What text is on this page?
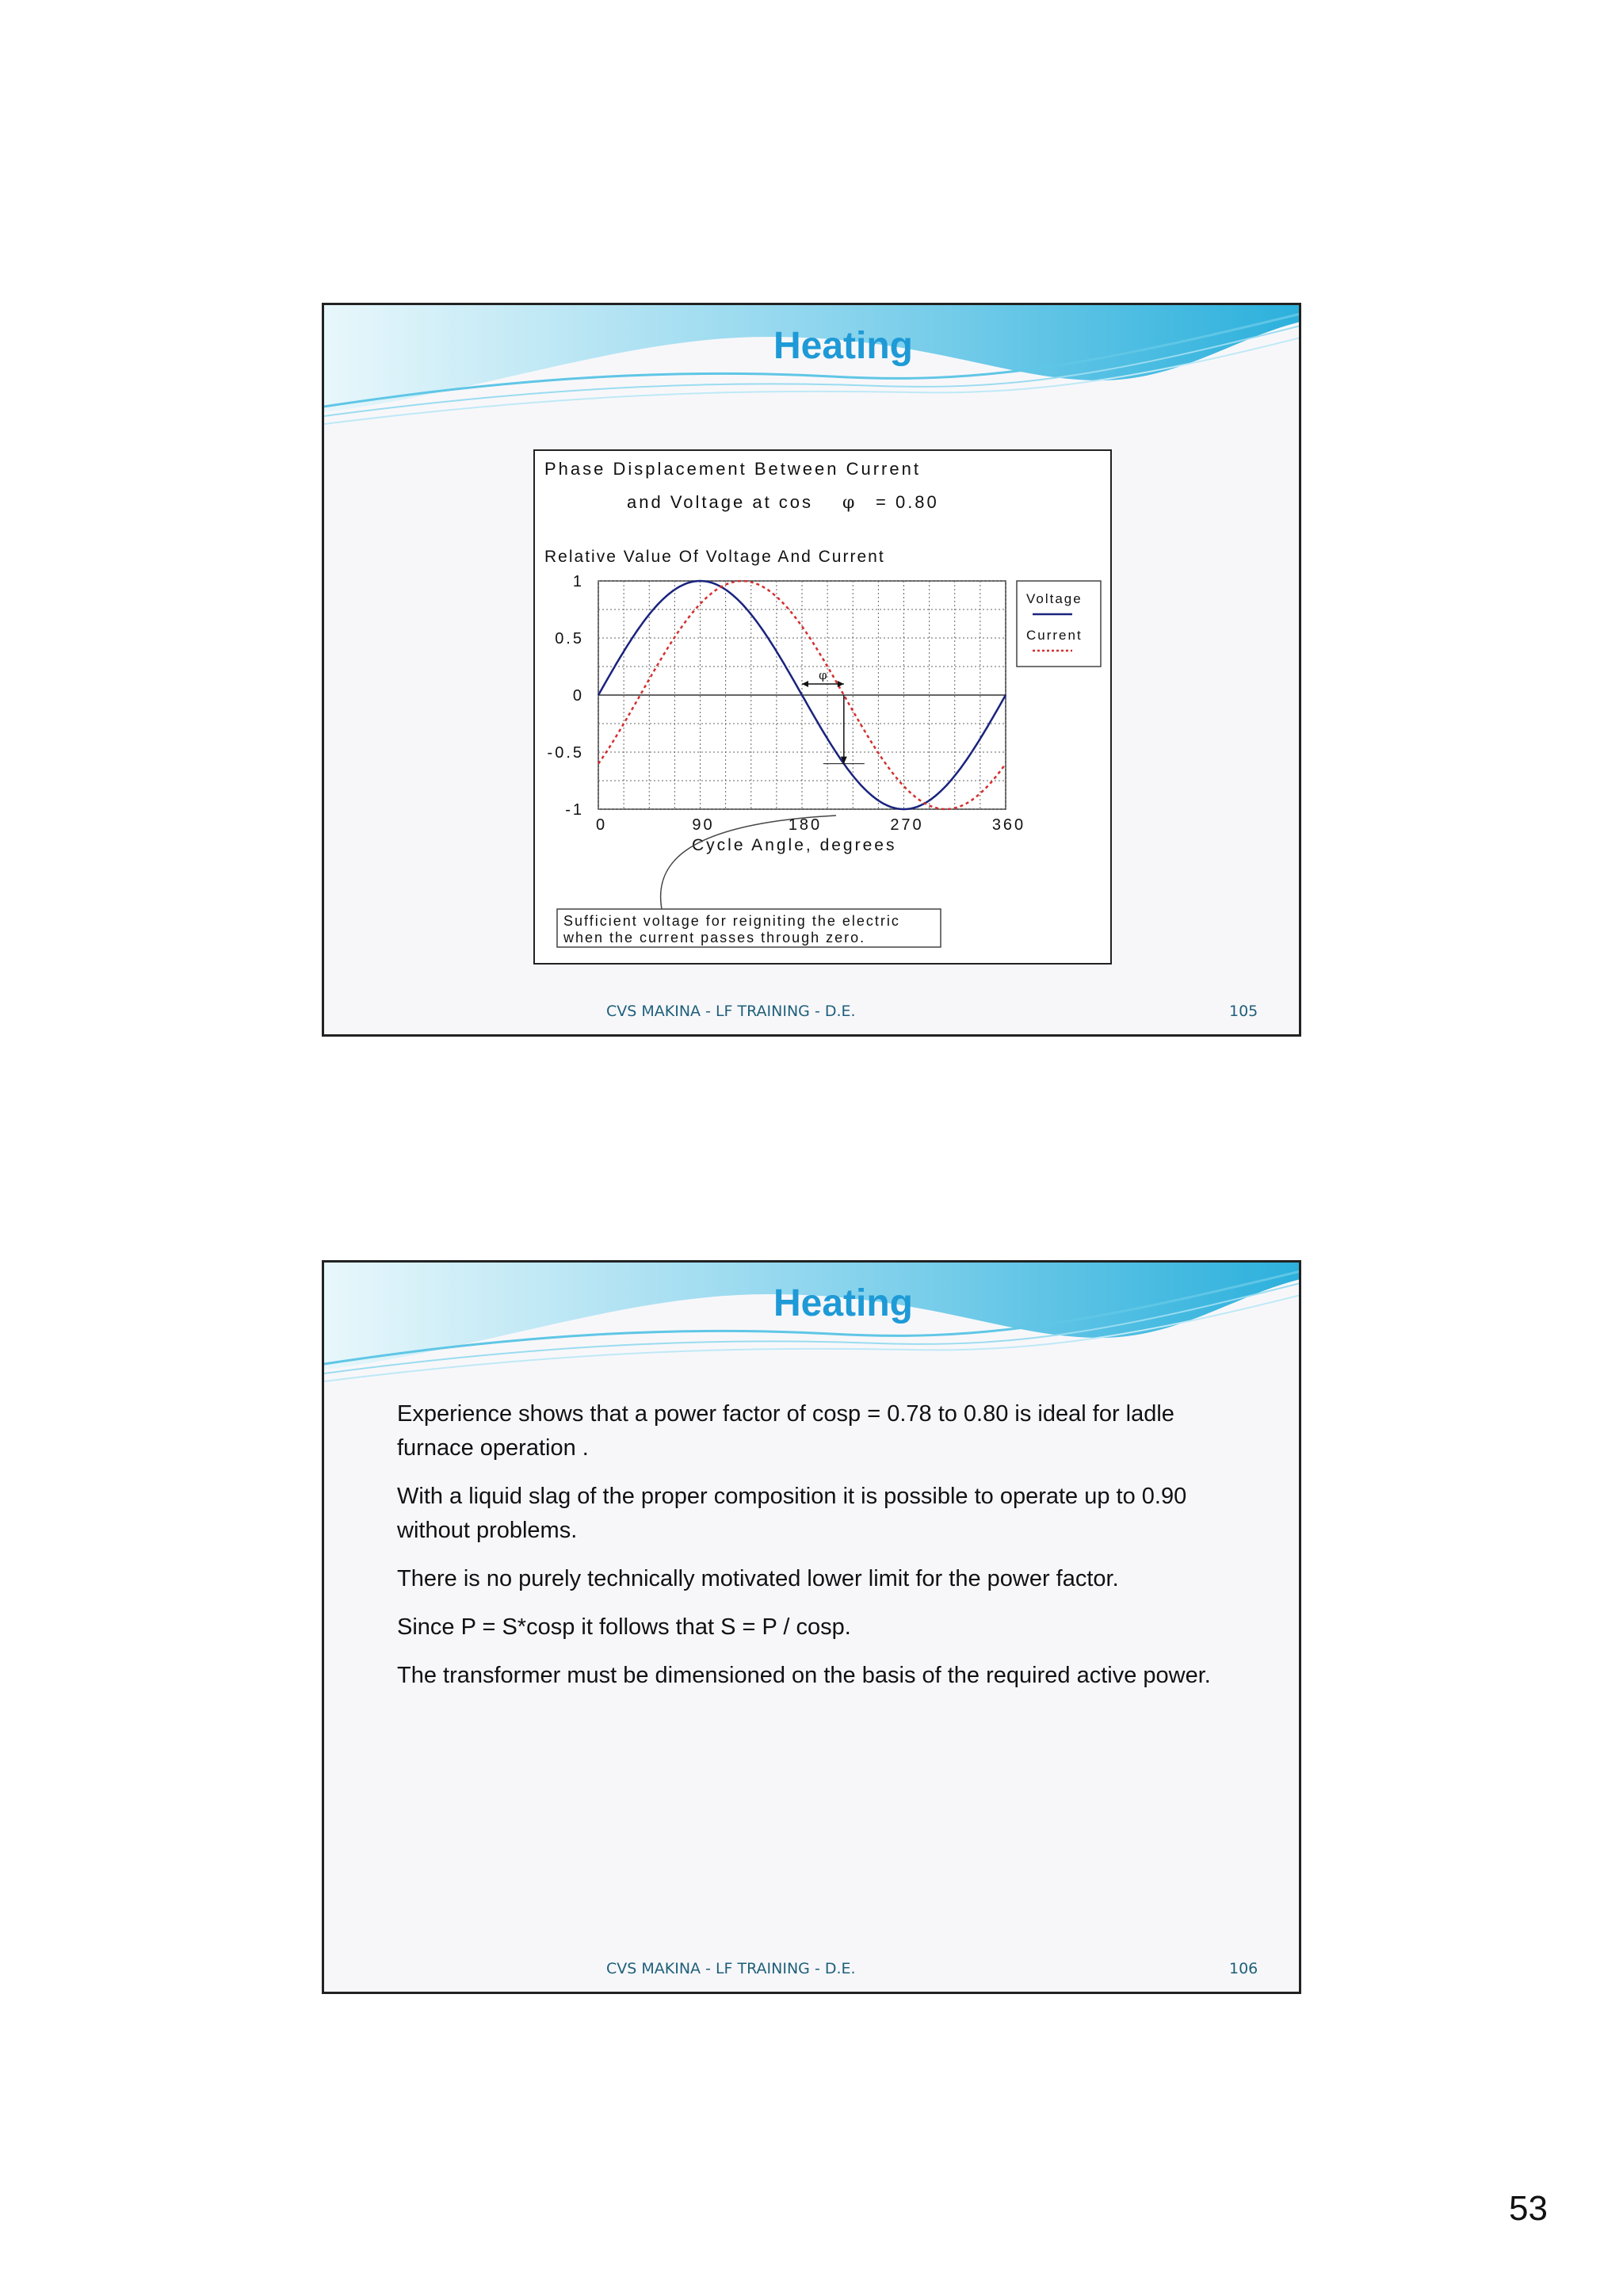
Heating
Phase Displacement Between Current
and Voltage at cos φ = 0.80
Relative Value Of Voltage And Current
Cycle Angle, degrees
Voltage
Current
Sufficient voltage for reigniting the electric
when the current passes through zero.
1
0.5
0
-0.5
-1
0	90	180	270	360
φ
CVS MAKINA - LF TRAINING - D.E.	105
Heating

Experience shows that a power factor of cosp = 0.78 to 0.80 is ideal for ladle furnace operation .

With a liquid slag of the proper composition it is possible to operate up to 0.90 without problems.

There is no purely technically motivated lower limit for the power factor.

Since P = S*cosp it follows that S = P / cosp.

The transformer must be dimensioned on the basis of the required active power.

CVS MAKINA - LF TRAINING - D.E.	106
53
